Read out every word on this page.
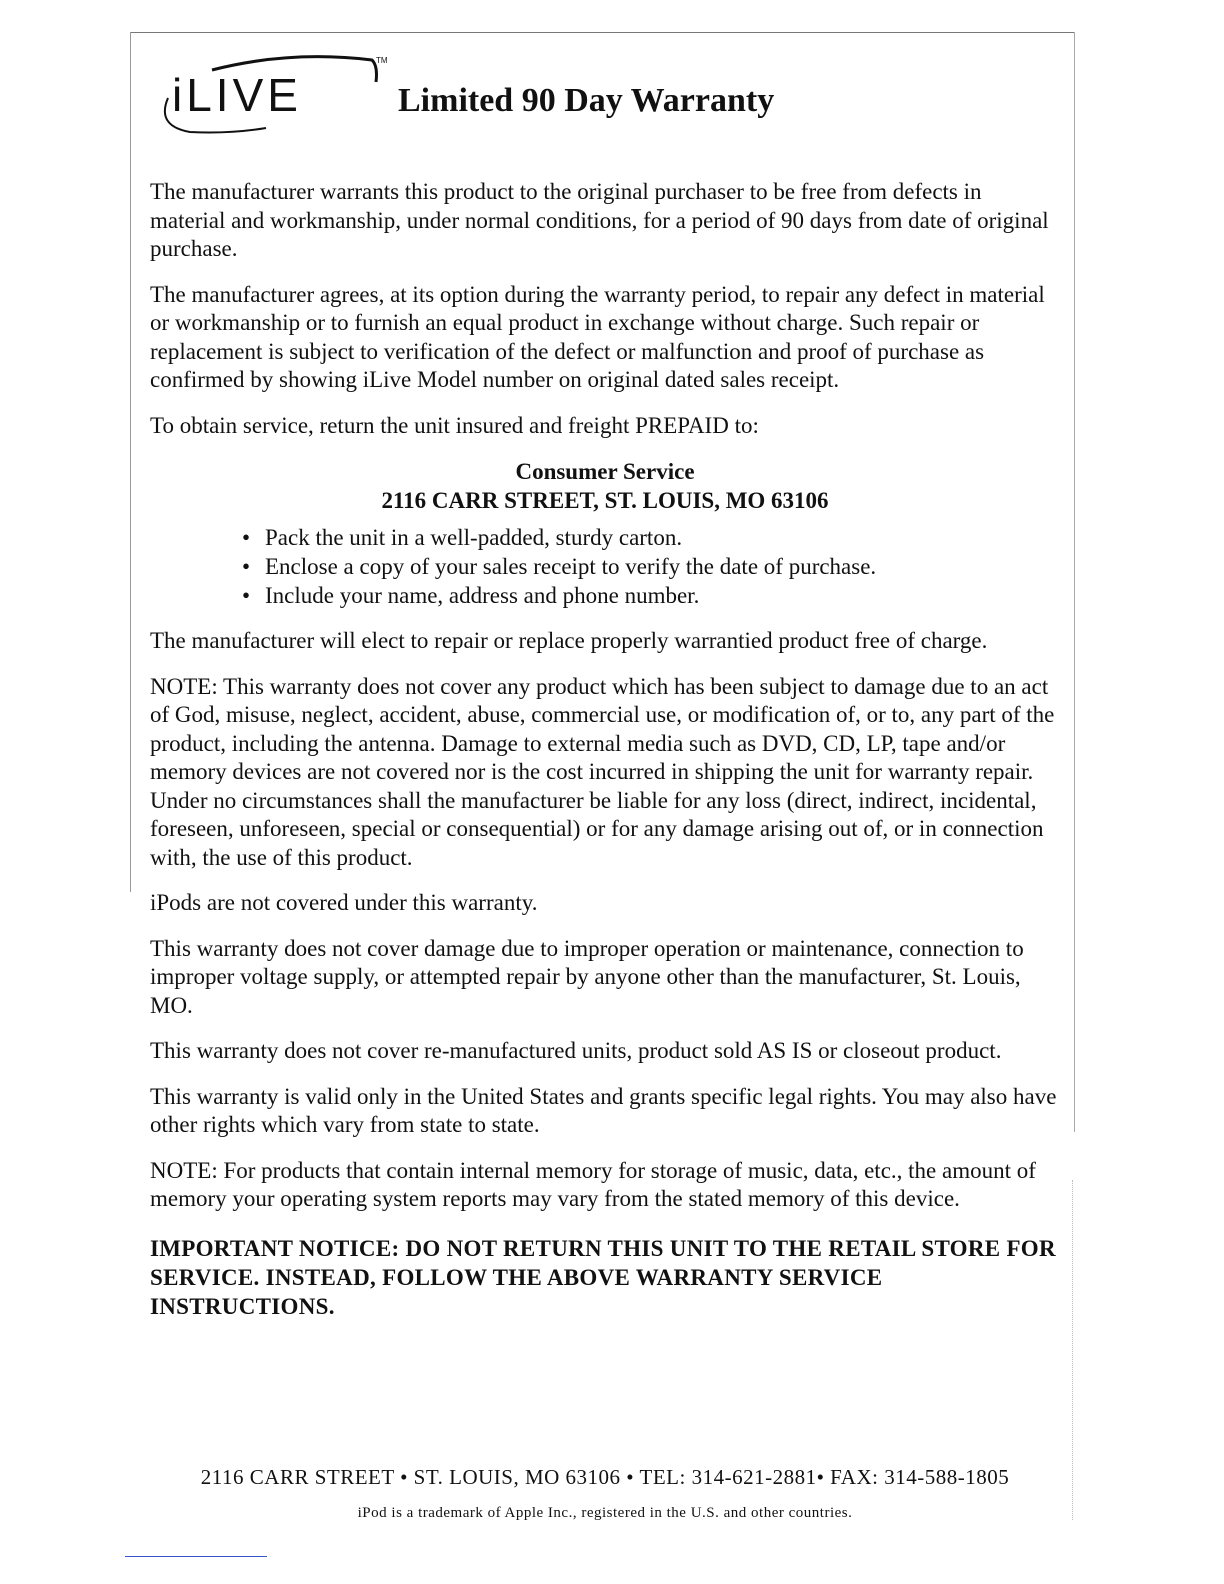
iLIVE
TM
Limited 90 Day Warranty

The manufacturer warrants this product to the original purchaser to be free from defects in material and workmanship, under normal conditions, for a period of 90 days from date of original purchase.

The manufacturer agrees, at its option during the warranty period, to repair any defect in material or workmanship or to furnish an equal product in exchange without charge. Such repair or replacement is subject to verification of the defect or malfunction and proof of purchase as confirmed by showing iLive Model number on original dated sales receipt.

To obtain service, return the unit insured and freight PREPAID to:

Consumer Service
2116 CARR STREET, ST. LOUIS, MO 63106

• Pack the unit in a well-padded, sturdy carton.
• Enclose a copy of your sales receipt to verify the date of purchase.
• Include your name, address and phone number.

The manufacturer will elect to repair or replace properly warrantied product free of charge.

NOTE: This warranty does not cover any product which has been subject to damage due to an act of God, misuse, neglect, accident, abuse, commercial use, or modification of, or to, any part of the product, including the antenna. Damage to external media such as DVD, CD, LP, tape and/or memory devices are not covered nor is the cost incurred in shipping the unit for warranty repair. Under no circumstances shall the manufacturer be liable for any loss (direct, indirect, incidental, foreseen, unforeseen, special or consequential) or for any damage arising out of, or in connection with, the use of this product.

iPods are not covered under this warranty.

This warranty does not cover damage due to improper operation or maintenance, connection to improper voltage supply, or attempted repair by anyone other than the manufacturer, St. Louis, MO.

This warranty does not cover re-manufactured units, product sold AS IS or closeout product.

This warranty is valid only in the United States and grants specific legal rights. You may also have other rights which vary from state to state.

NOTE: For products that contain internal memory for storage of music, data, etc., the amount of memory your operating system reports may vary from the stated memory of this device.

IMPORTANT NOTICE: DO NOT RETURN THIS UNIT TO THE RETAIL STORE FOR SERVICE. INSTEAD, FOLLOW THE ABOVE WARRANTY SERVICE INSTRUCTIONS.

2116 CARR STREET • ST. LOUIS, MO 63106 • TEL: 314-621-2881• FAX: 314-588-1805
iPod is a trademark of Apple Inc., registered in the U.S. and other countries.
